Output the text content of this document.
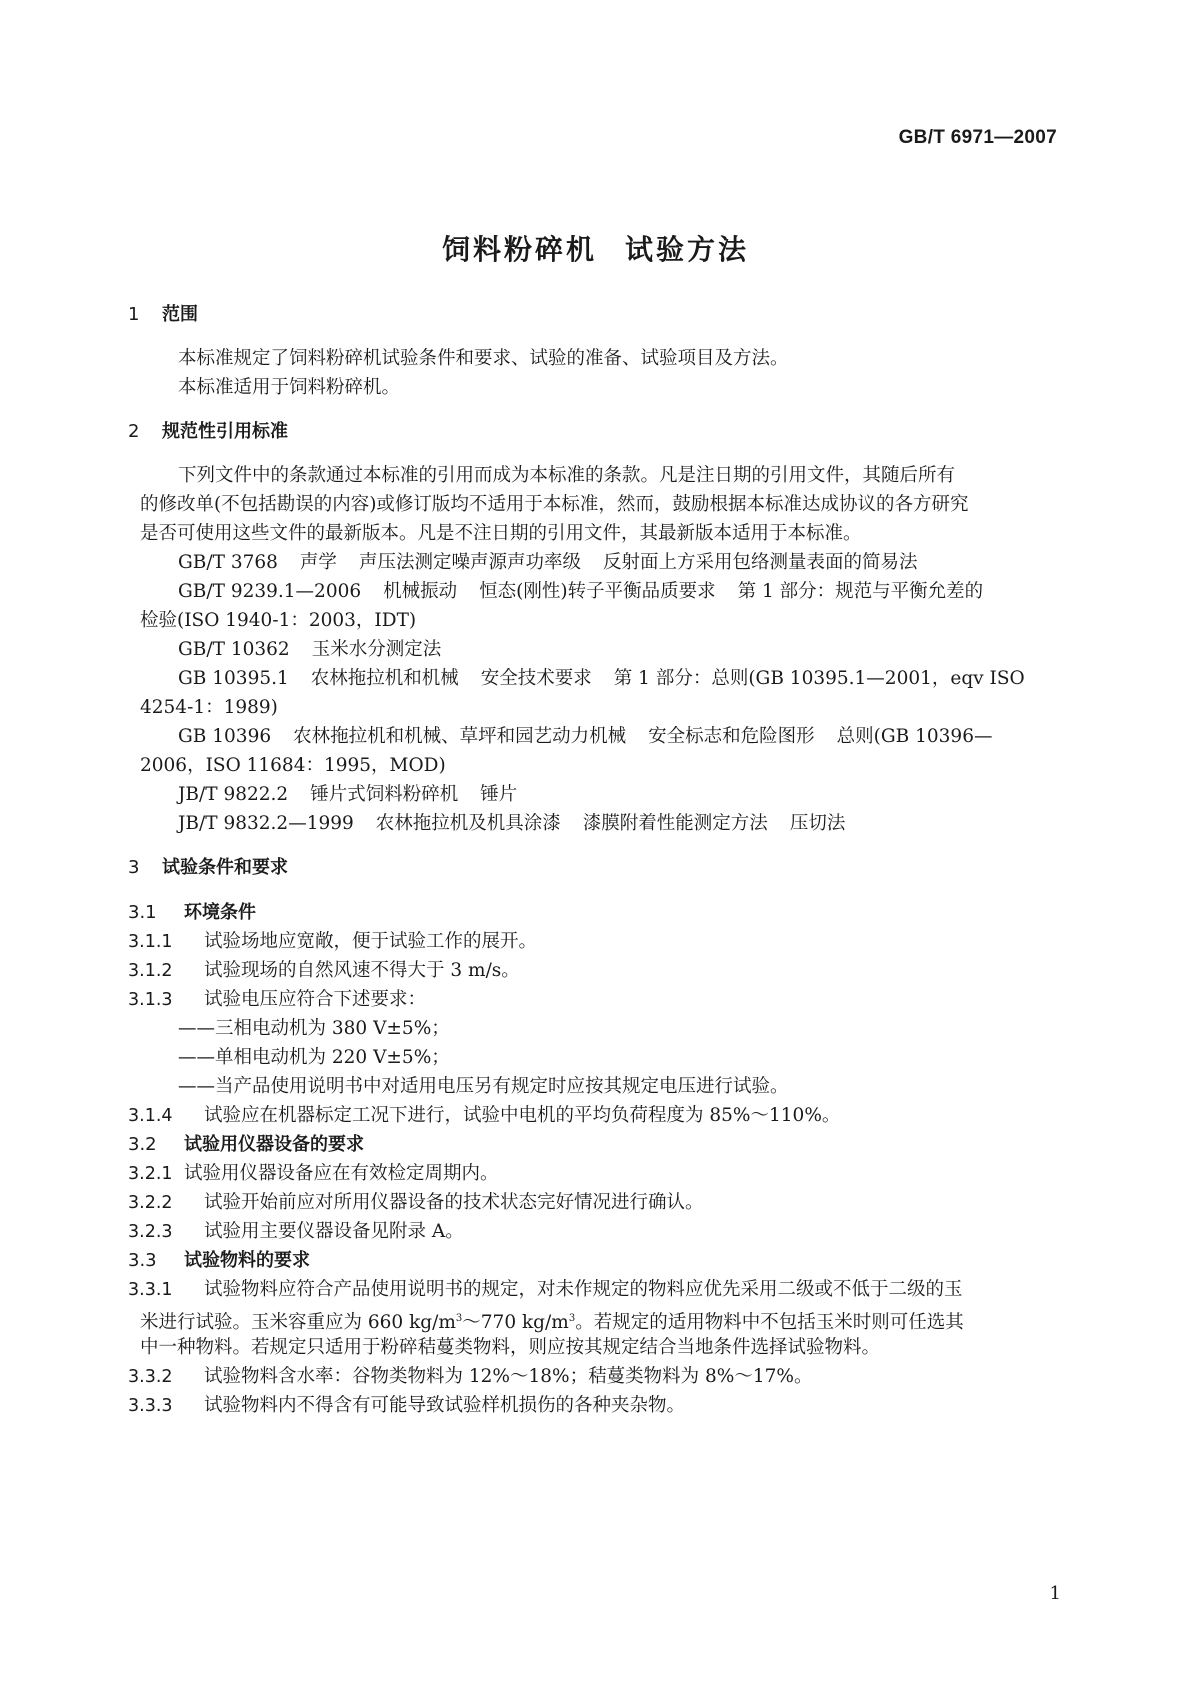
GB/T 6971—2007
饲料粉碎机 试验方法
1 范围
本标准规定了饲料粉碎机试验条件和要求、试验的准备、试验项目及方法。
本标准适用于饲料粉碎机。
2 规范性引用标准
下列文件中的条款通过本标准的引用而成为本标准的条款。凡是注日期的引用文件，其随后所有
的修改单(不包括勘误的内容)或修订版均不适用于本标准，然而，鼓励根据本标准达成协议的各方研究
是否可使用这些文件的最新版本。凡是不注日期的引用文件，其最新版本适用于本标准。
GB/T 3768 声学 声压法测定噪声源声功率级 反射面上方采用包络测量表面的简易法
GB/T 9239.1—2006 机械振动 恒态(刚性)转子平衡品质要求 第 1 部分：规范与平衡允差的
检验(ISO 1940-1：2003，IDT)
GB/T 10362 玉米水分测定法
GB 10395.1 农林拖拉机和机械 安全技术要求 第 1 部分：总则(GB 10395.1—2001，eqv ISO
4254-1：1989)
GB 10396 农林拖拉机和机械、草坪和园艺动力机械 安全标志和危险图形 总则(GB 10396—
2006，ISO 11684：1995，MOD)
JB/T 9822.2 锤片式饲料粉碎机 锤片
JB/T 9832.2—1999 农林拖拉机及机具涂漆 漆膜附着性能测定方法 压切法
3 试验条件和要求
3.1 环境条件
3.1.1 试验场地应宽敞，便于试验工作的展开。
3.1.2 试验现场的自然风速不得大于 3 m/s。
3.1.3 试验电压应符合下述要求：
——三相电动机为 380 V±5%；
——单相电动机为 220 V±5%；
——当产品使用说明书中对适用电压另有规定时应按其规定电压进行试验。
3.1.4 试验应在机器标定工况下进行，试验中电机的平均负荷程度为 85%～110%。
3.2 试验用仪器设备的要求
3.2.1 试验用仪器设备应在有效检定周期内。
3.2.2 试验开始前应对所用仪器设备的技术状态完好情况进行确认。
3.2.3 试验用主要仪器设备见附录 A。
3.3 试验物料的要求
3.3.1 试验物料应符合产品使用说明书的规定，对未作规定的物料应优先采用二级或不低于二级的玉
米进行试验。玉米容重应为 660 $kg/m^3\sim 770$ $kg/m^3$。若规定的适用物料中不包括玉米时则可任选其
中一种物料。若规定只适用于粉碎秸蔓类物料，则应按其规定结合当地条件选择试验物料。
3.3.2 试验物料含水率：谷物类物料为 12%～18%；秸蔓类物料为 8%～17%。
3.3.3 试验物料内不得含有可能导致试验样机损伤的各种夹杂物。
1
